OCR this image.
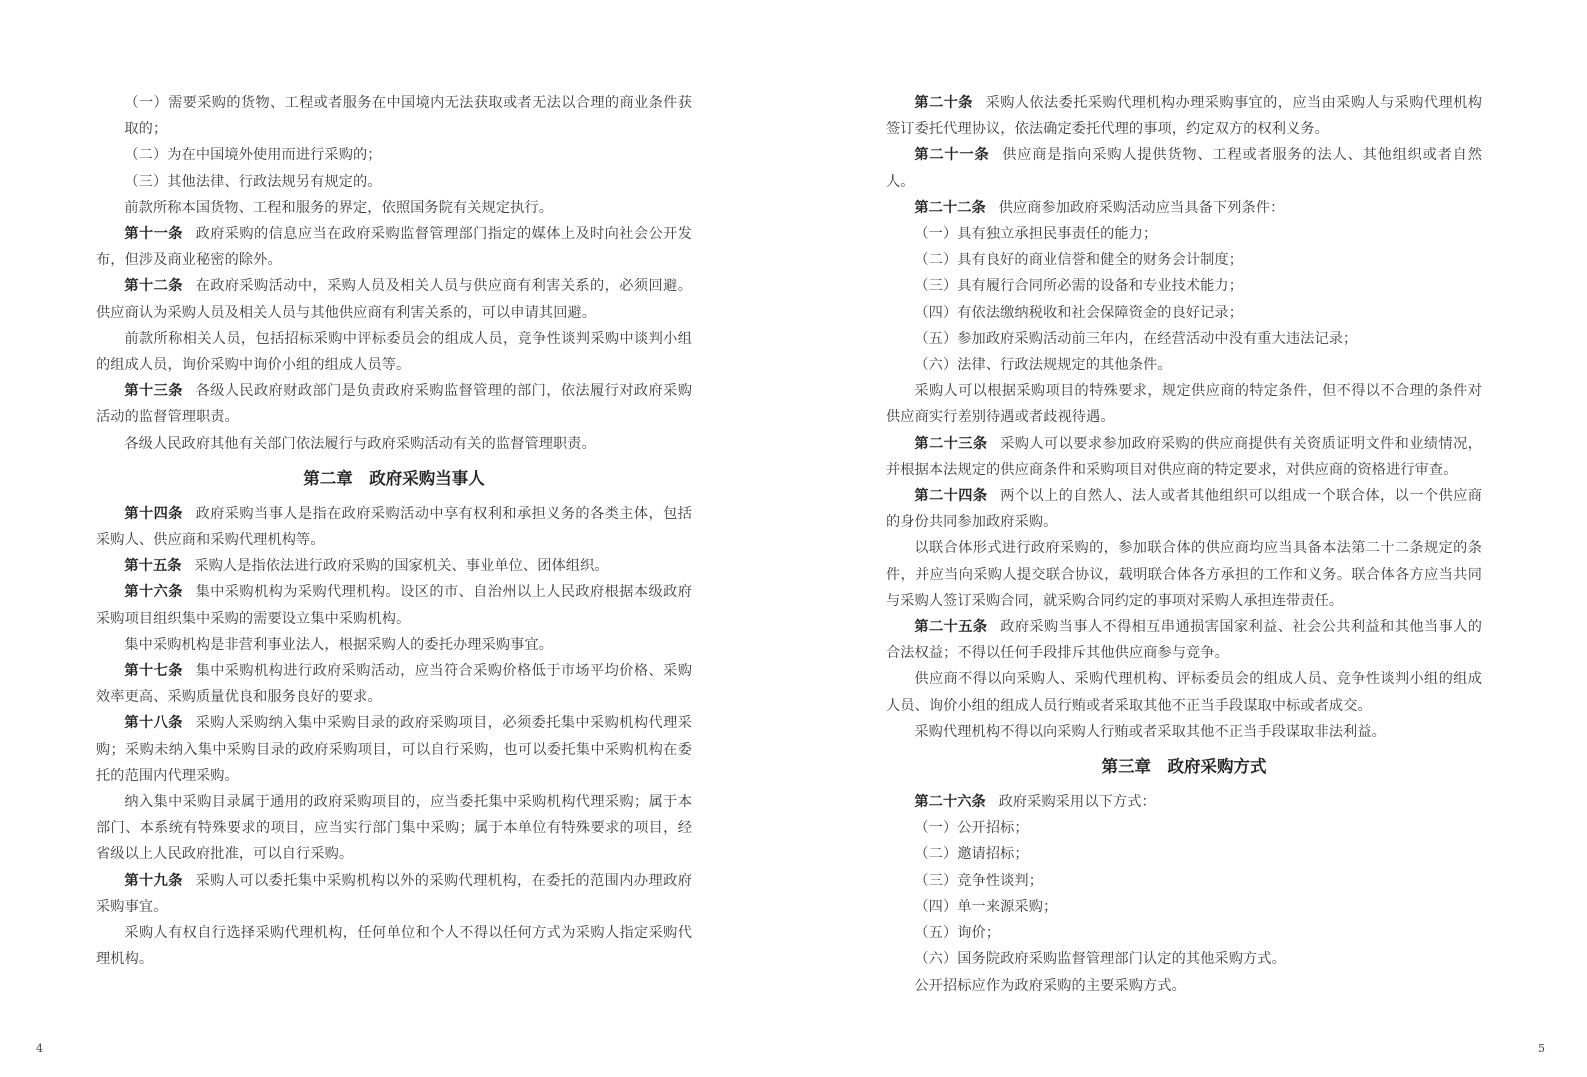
（一）需要采购的货物、工程或者服务在中国境内无法获取或者无法以合理的商业条件获取的；

（二）为在中国境外使用而进行采购的；

（三）其他法律、行政法规另有规定的。

前款所称本国货物、工程和服务的界定，依照国务院有关规定执行。

第十一条 政府采购的信息应当在政府采购监督管理部门指定的媒体上及时向社会公开发布，但涉及商业秘密的除外。

第十二条 在政府采购活动中，采购人员及相关人员与供应商有利害关系的，必须回避。供应商认为采购人员及相关人员与其他供应商有利害关系的，可以申请其回避。

前款所称相关人员，包括招标采购中评标委员会的组成人员，竞争性谈判采购中谈判小组的组成人员，询价采购中询价小组的组成人员等。

第十三条 各级人民政府财政部门是负责政府采购监督管理的部门，依法履行对政府采购活动的监督管理职责。

各级人民政府其他有关部门依法履行与政府采购活动有关的监督管理职责。

第二章　政府采购当事人

第十四条 政府采购当事人是指在政府采购活动中享有权利和承担义务的各类主体，包括采购人、供应商和采购代理机构等。

第十五条 采购人是指依法进行政府采购的国家机关、事业单位、团体组织。

第十六条 集中采购机构为采购代理机构。设区的市、自治州以上人民政府根据本级政府采购项目组织集中采购的需要设立集中采购机构。

集中采购机构是非营利事业法人，根据采购人的委托办理采购事宜。

第十七条 集中采购机构进行政府采购活动，应当符合采购价格低于市场平均价格、采购效率更高、采购质量优良和服务良好的要求。

第十八条 采购人采购纳入集中采购目录的政府采购项目，必须委托集中采购机构代理采购；采购未纳入集中采购目录的政府采购项目，可以自行采购，也可以委托集中采购机构在委托的范围内代理采购。

纳入集中采购目录属于通用的政府采购项目的，应当委托集中采购机构代理采购；属于本部门、本系统有特殊要求的项目，应当实行部门集中采购；属于本单位有特殊要求的项目，经省级以上人民政府批准，可以自行采购。

第十九条 采购人可以委托集中采购机构以外的采购代理机构，在委托的范围内办理政府采购事宜。

采购人有权自行选择采购代理机构，任何单位和个人不得以任何方式为采购人指定采购代理机构。

4

第二十条 采购人依法委托采购代理机构办理采购事宜的，应当由采购人与采购代理机构签订委托代理协议，依法确定委托代理的事项，约定双方的权利义务。

第二十一条 供应商是指向采购人提供货物、工程或者服务的法人、其他组织或者自然人。

第二十二条 供应商参加政府采购活动应当具备下列条件：

（一）具有独立承担民事责任的能力；

（二）具有良好的商业信誉和健全的财务会计制度；

（三）具有履行合同所必需的设备和专业技术能力；

（四）有依法缴纳税收和社会保障资金的良好记录；

（五）参加政府采购活动前三年内，在经营活动中没有重大违法记录；

（六）法律、行政法规规定的其他条件。

采购人可以根据采购项目的特殊要求，规定供应商的特定条件，但不得以不合理的条件对供应商实行差别待遇或者歧视待遇。

第二十三条 采购人可以要求参加政府采购的供应商提供有关资质证明文件和业绩情况，并根据本法规定的供应商条件和采购项目对供应商的特定要求，对供应商的资格进行审查。

第二十四条 两个以上的自然人、法人或者其他组织可以组成一个联合体，以一个供应商的身份共同参加政府采购。

以联合体形式进行政府采购的，参加联合体的供应商均应当具备本法第二十二条规定的条件，并应当向采购人提交联合协议，载明联合体各方承担的工作和义务。联合体各方应当共同与采购人签订采购合同，就采购合同约定的事项对采购人承担连带责任。

第二十五条 政府采购当事人不得相互串通损害国家利益、社会公共利益和其他当事人的合法权益；不得以任何手段排斥其他供应商参与竞争。

供应商不得以向采购人、采购代理机构、评标委员会的组成人员、竞争性谈判小组的组成人员、询价小组的组成人员行贿或者采取其他不正当手段谋取中标或者成交。

采购代理机构不得以向采购人行贿或者采取其他不正当手段谋取非法利益。

第三章　政府采购方式

第二十六条 政府采购采用以下方式：

（一）公开招标；

（二）邀请招标；

（三）竞争性谈判；

（四）单一来源采购；

（五）询价；

（六）国务院政府采购监督管理部门认定的其他采购方式。

公开招标应作为政府采购的主要采购方式。

5
